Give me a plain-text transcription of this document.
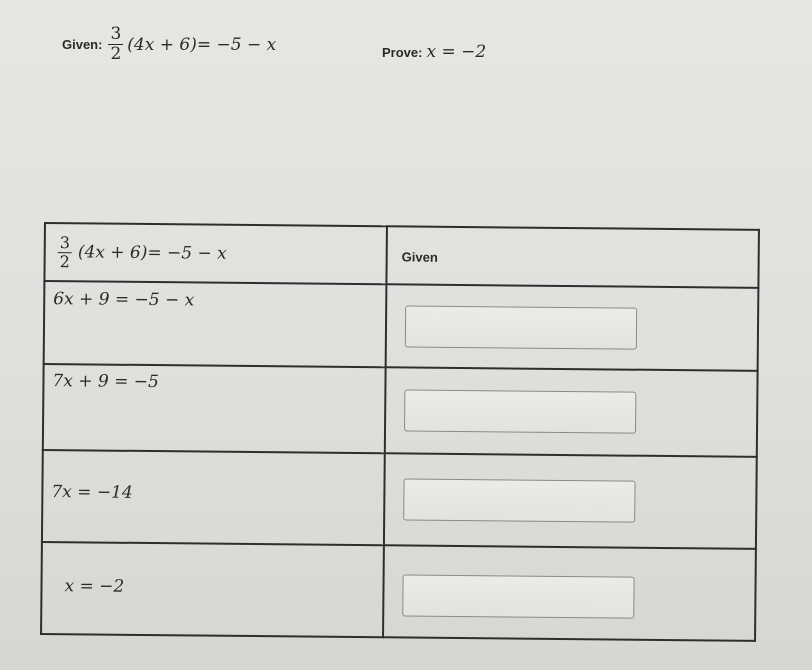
Given: $\frac{3}{2} (4x + 6)= -5 - x$	Prove: x = −2
$\frac{3}{2} (4x + 6)= -5 - x$	Given

6x + 9 = −5 − x	

7x + 9 = −5	

7x = −14	

x = −2	
